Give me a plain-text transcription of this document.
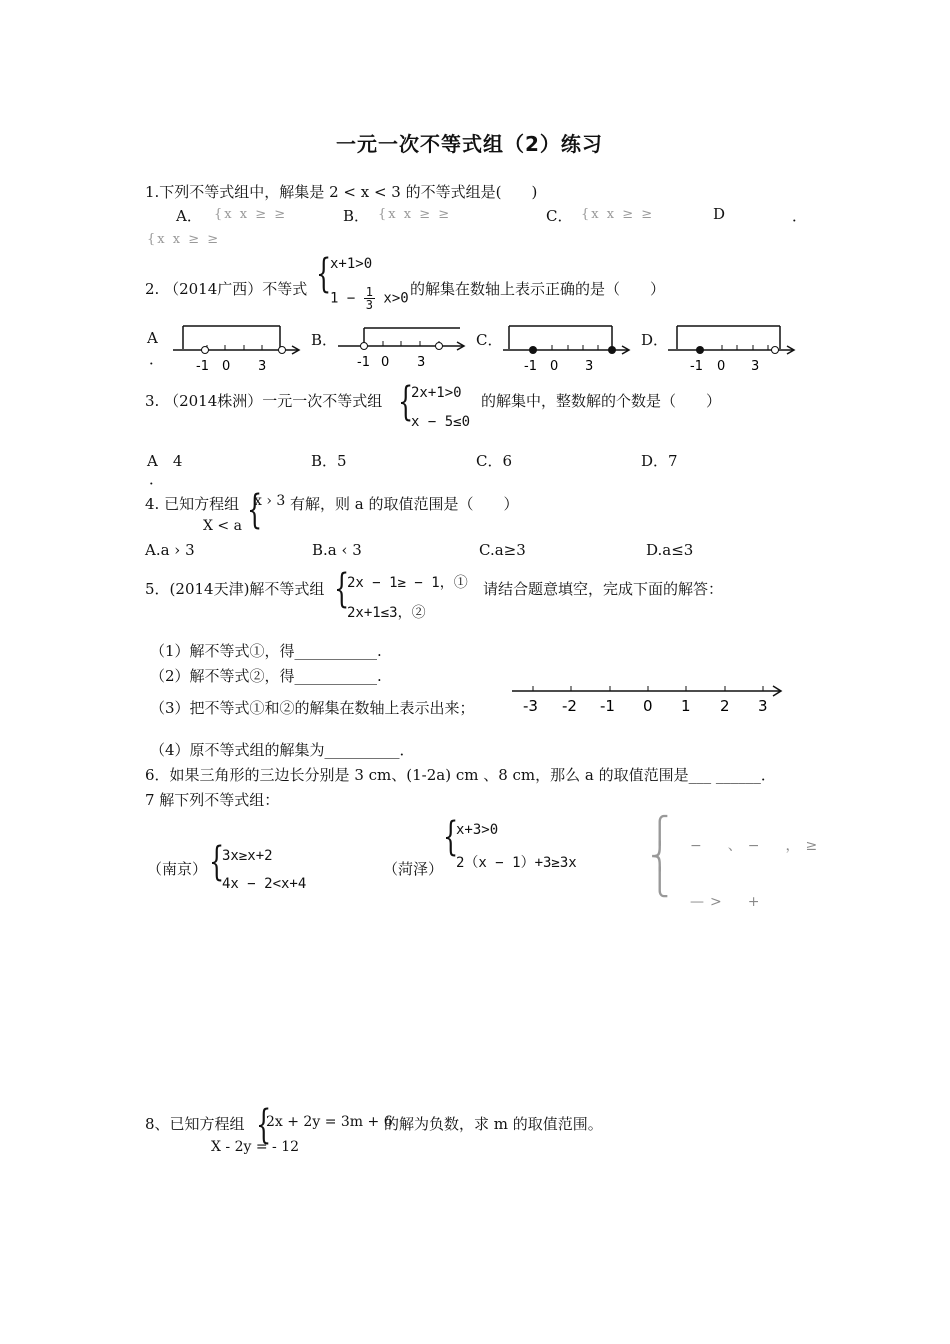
一元一次不等式组（2）练习
1.下列不等式组中，解集是 2 < x < 3 的不等式组是(　　)
A． {x x ≥ ≥	B． {x x ≥ ≥	C． {x x ≥ ≥	D	．
{x x ≥ ≥
2. （2014广西）不等式 {
x+1>0
$1 - \frac{1}{3} x>0$
的解集在数轴上表示正确的是（　　）
A
．
B．	C．	D．
-1 0 3	-1 0 3	-1 0 3	-1 0 3
3. （2014株洲）一元一次不等式组 {
2x+1>0
x − 5≤0
的解集中，整数解的个数是（　　）
A　4
．
B．5	C．6	D．7
4. 已知方程组 {
x › 3
X < a
有解，则 a 的取值范围是（　　）
A.a › 3	B.a ‹ 3	C.a≥3	D.a≤3
5．(2014天津)解不等式组 {
2x − 1≥ − 1，①
2x+1≤3，②
请结合题意填空，完成下面的解答：
（1）解不等式①，得___________.
（2）解不等式②，得___________.
（3）把不等式①和②的解集在数轴上表示出来；	-3 -2 -1 0 1 2 3
（4）原不等式组的解集为__________．
6．如果三角形的三边长分别是 3 cm、(1-2a) cm 、8 cm，那么 a 的取值范围是___ ______．
7 解下列不等式组：
（南京） {
3x≥x+2
4x − 2<x+4
（菏泽）
{
x+3>0
2（x − 1）+3≥3x
⎧
⎨
⎩
−　、−　，≥
—>　+
8、已知方程组 {
2x + 2y = 3m + 6
X - 2y = - 12
的解为负数，求 m 的取值范围。
